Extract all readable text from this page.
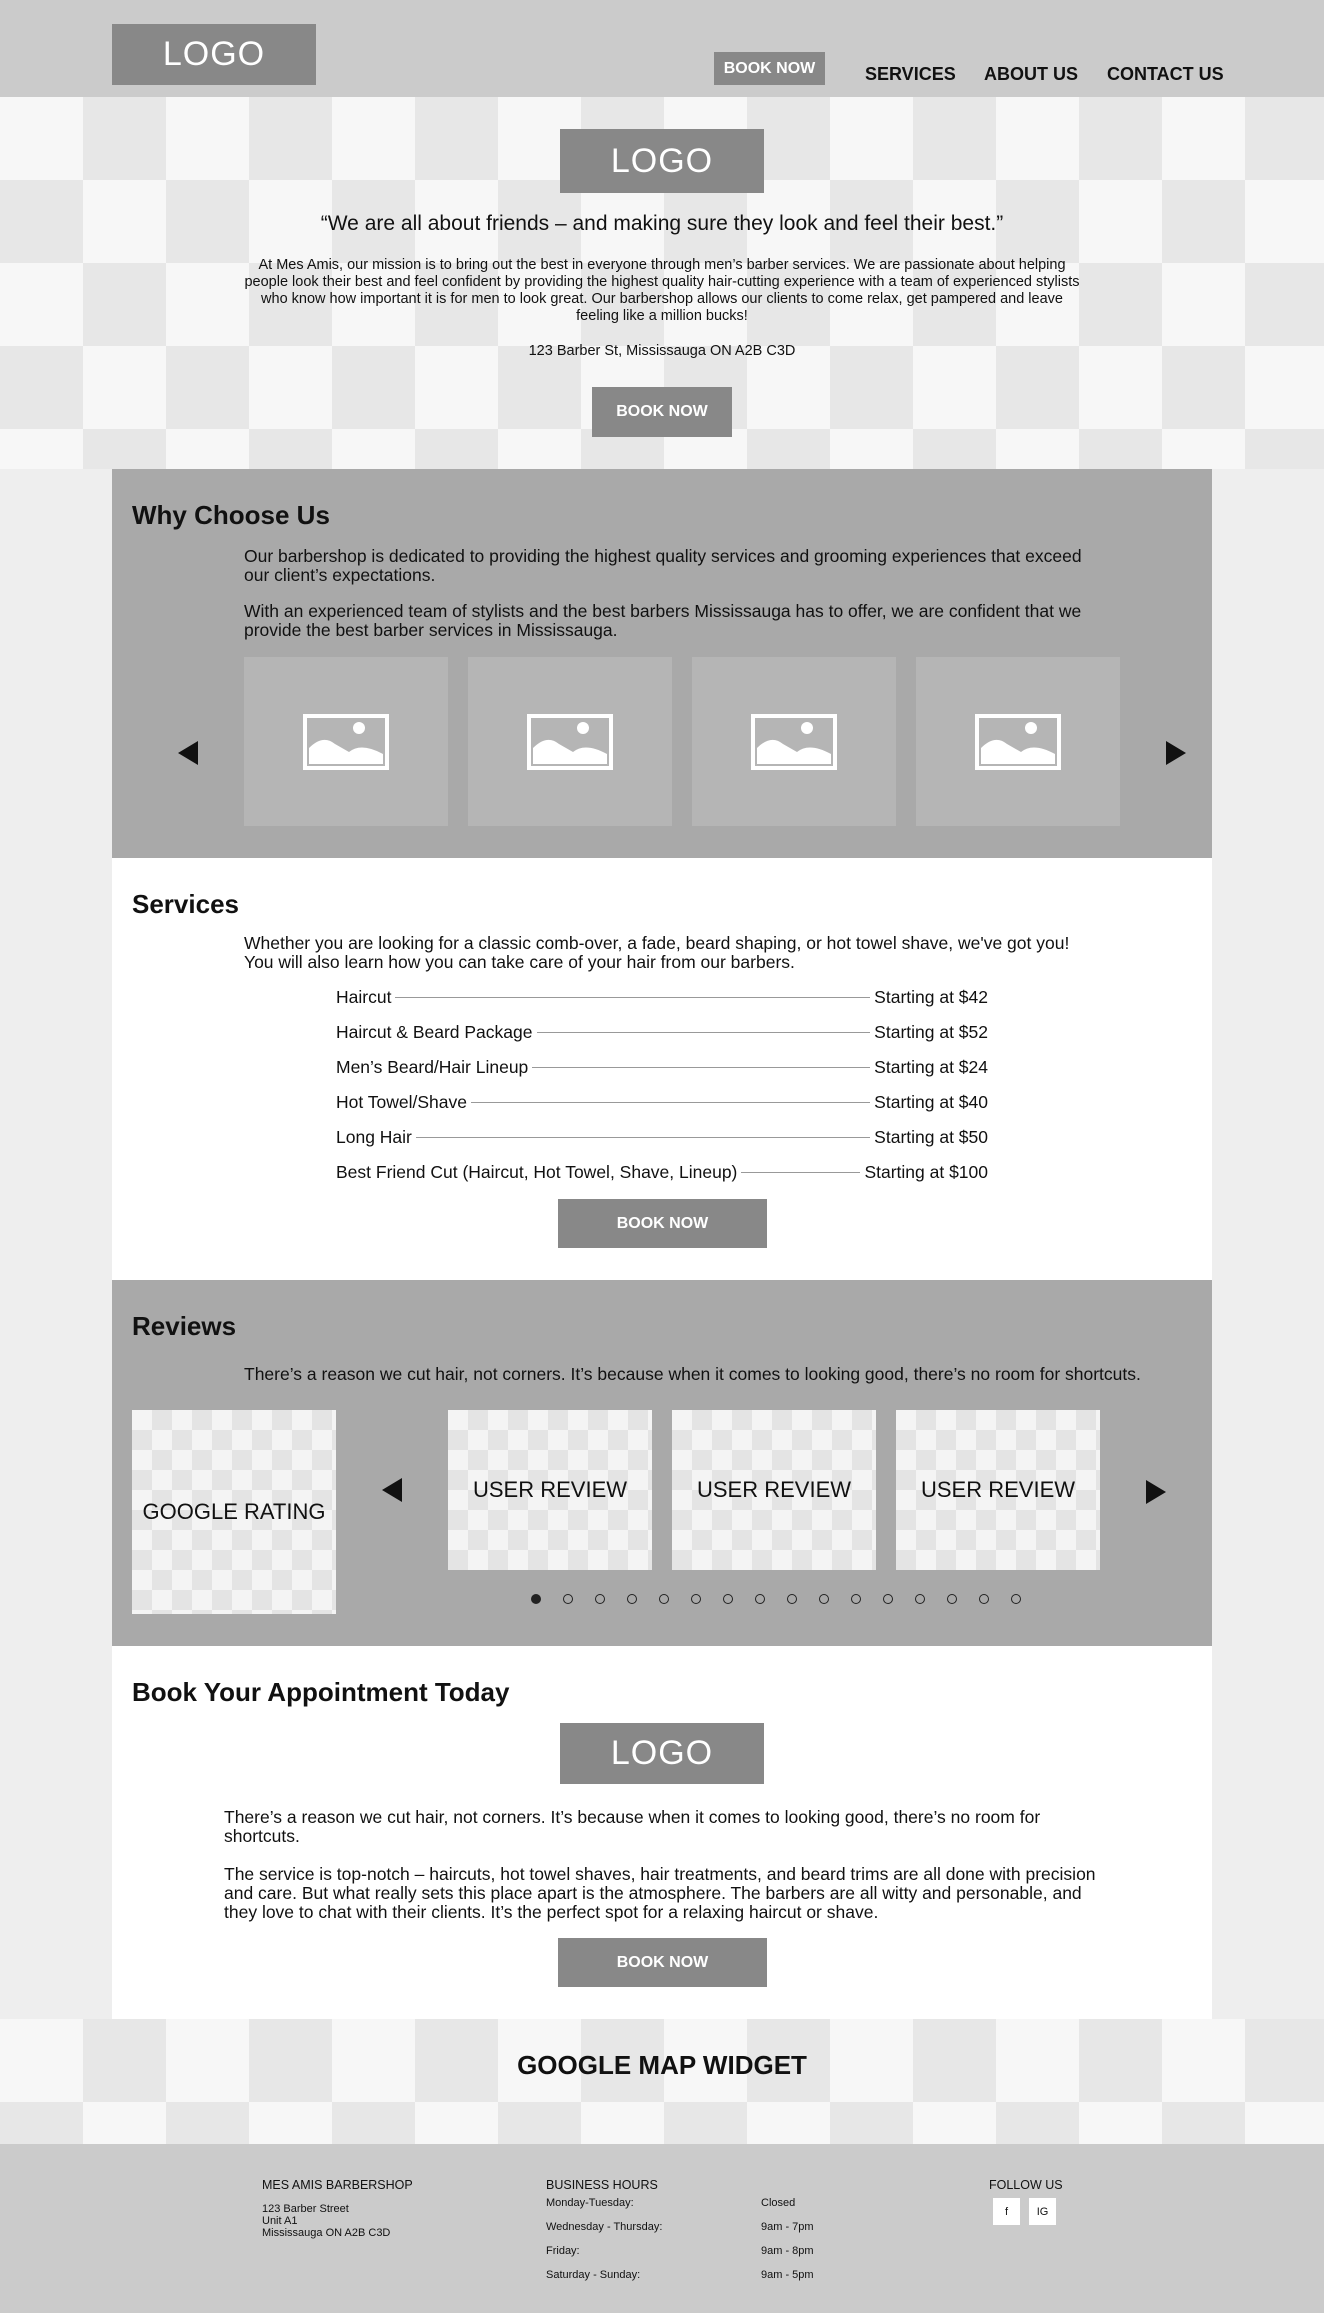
LOGO	BOOK NOW	SERVICES ABOUT US CONTACT US
LOGO
“We are all about friends – and making sure they look and feel their best.”
At Mes Amis, our mission is to bring out the best in everyone through men’s barber services. We are passionate about helping people look their best and feel confident by providing the highest quality hair-cutting experience with a team of experienced stylists who know how important it is for men to look great. Our barbershop allows our clients to come relax, get pampered and leave feeling like a million bucks!
123 Barber St, Mississauga ON A2B C3D
BOOK NOW
Why Choose Us
Our barbershop is dedicated to providing the highest quality services and grooming experiences that exceed our client’s expectations.
With an experienced team of stylists and the best barbers Mississauga has to offer, we are confident that we provide the best barber services in Mississauga.
Services
Whether you are looking for a classic comb-over, a fade, beard shaping, or hot towel shave, we've got you!
You will also learn how you can take care of your hair from our barbers.
Haircut	Starting at $42
Haircut & Beard Package	Starting at $52
Men’s Beard/Hair Lineup	Starting at $24
Hot Towel/Shave	Starting at $40
Long Hair	Starting at $50
Best Friend Cut (Haircut, Hot Towel, Shave, Lineup)	Starting at $100
BOOK NOW
Reviews
There’s a reason we cut hair, not corners. It’s because when it comes to looking good, there’s no room for shortcuts.
GOOGLE RATING
USER REVIEW	USER REVIEW	USER REVIEW
Book Your Appointment Today
LOGO
There’s a reason we cut hair, not corners. It’s because when it comes to looking good, there’s no room for shortcuts.
The service is top-notch – haircuts, hot towel shaves, hair treatments, and beard trims are all done with precision and care. But what really sets this place apart is the atmosphere. The barbers are all witty and personable, and they love to chat with their clients. It’s the perfect spot for a relaxing haircut or shave.
BOOK NOW
GOOGLE MAP WIDGET
MES AMIS BARBERSHOP
123 Barber Street
Unit A1
Mississauga ON A2B C3D
BUSINESS HOURS
Monday-Tuesday:	Closed
Wednesday - Thursday:	9am - 7pm
Friday:	9am - 8pm
Saturday - Sunday:	9am - 5pm
FOLLOW US
f	IG
